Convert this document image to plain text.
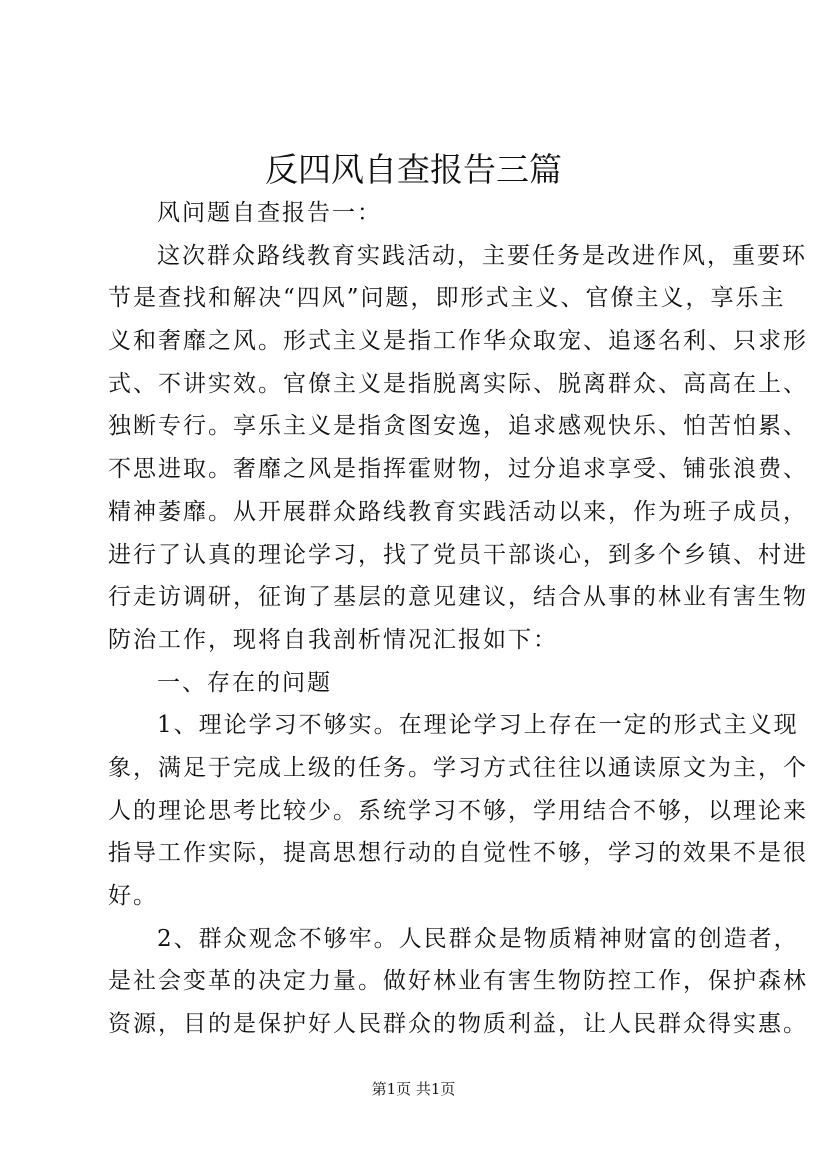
反四风自查报告三篇
风问题自查报告一：
这次群众路线教育实践活动，主要任务是改进作风，重要环
节是查找和解决“四风”问题，即形式主义、官僚主义，享乐主
义和奢靡之风。形式主义是指工作华众取宠、追逐名利、只求形
式、不讲实效。官僚主义是指脱离实际、脱离群众、高高在上、
独断专行。享乐主义是指贪图安逸，追求感观快乐、怕苦怕累、
不思进取。奢靡之风是指挥霍财物，过分追求享受、铺张浪费、
精神萎靡。从开展群众路线教育实践活动以来，作为班子成员，
进行了认真的理论学习，找了党员干部谈心，到多个乡镇、村进
行走访调研，征询了基层的意见建议，结合从事的林业有害生物
防治工作，现将自我剖析情况汇报如下：
一、存在的问题
1、理论学习不够实。在理论学习上存在一定的形式主义现
象，满足于完成上级的任务。学习方式往往以通读原文为主，个
人的理论思考比较少。系统学习不够，学用结合不够，以理论来
指导工作实际，提高思想行动的自觉性不够，学习的效果不是很
好。
2、群众观念不够牢。人民群众是物质精神财富的创造者，
是社会变革的决定力量。做好林业有害生物防控工作，保护森林
资源，目的是保护好人民群众的物质利益，让人民群众得实惠。
第1页 共1页
